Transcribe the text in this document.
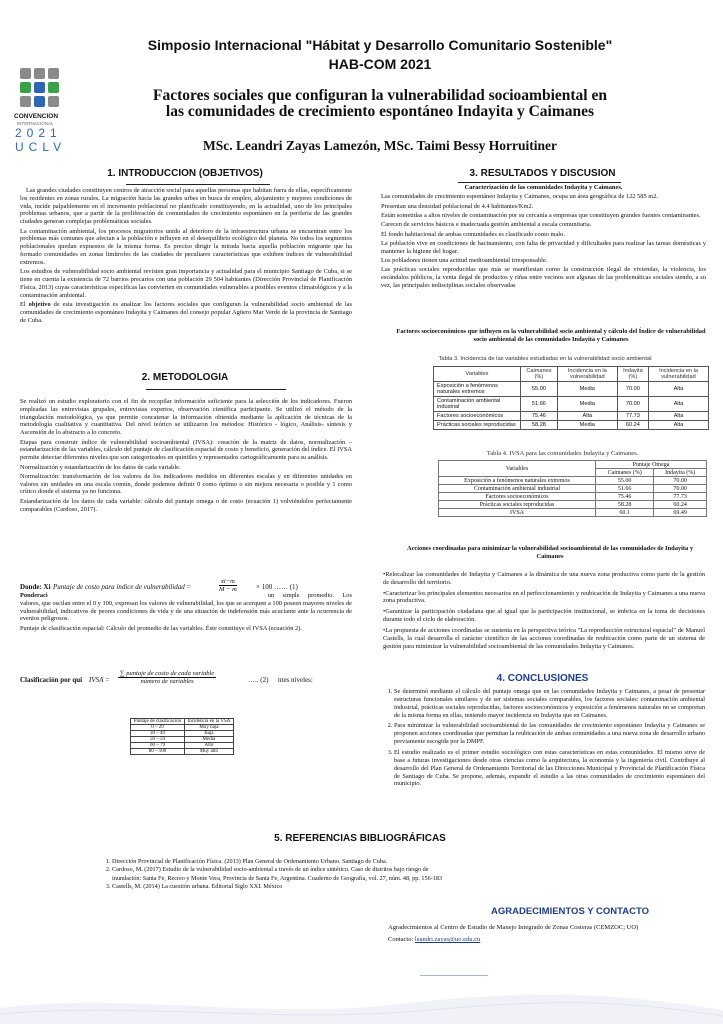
CONVENCION
INTERNACIONAL
2021
UCLV
Simposio Internacional "Hábitat y Desarrollo Comunitario Sostenible"
HAB-COM 2021
Factores sociales que configuran la vulnerabilidad socioambiental en
las comunidades de crecimiento espontáneo Indayita y Caimanes
MSc. Leandri Zayas Lamezón, MSc. Taimi Bessy Horruitiner
1. INTRODUCCION (OBJETIVOS)

Las grandes ciudades constituyen centros de atracción social para aquellas personas que habitan fuera de ellas, específicamente los residentes en zonas rurales. La migración hacia las grandes urbes en busca de empleo, alojamiento y mejores condiciones de vida, incide palpablemente en el incremento poblacional no planificado constituyendo, en la actualidad, uno de los principales problemas urbanos, que a partir de la proliferación de comunidades de crecimiento espontáneo en la periferia de las grandes ciudades generan complejas problemáticas sociales.

La contaminación ambiental, los procesos migratorios unido al deterioro de la infraestructura urbana se encuentran entre los problemas más comunes que afectan a la población e influyen en el desequilibrio ecológico del planeta. No todos los segmentos poblacionales quedan expuestos de la misma forma. Es preciso dirigir la mirada hacia aquella población migrante que ha formado comunidades en zonas limítrofes de las ciudades de peculiares características que exhiben índices de vulnerabilidad extremos.

Los estudios de vulnerabilidad socio ambiental revisten gran importancia y actualidad para el municipio Santiago de Cuba, si se tiene en cuenta la existencia de 72 barrios precarios con una población 29 504 habitantes (Dirección Provincial de Planificación Física, 2013) cuyas características específicas las convierten en comunidades vulnerables a posibles eventos climatológicos y a la contaminación ambiental.

El objetivo de esta investigación es analizar los factores sociales que configuran la vulnerabilidad socio ambiental de las comunidades de crecimiento espontáneo Indayita y Caimanes del consejo popular Agüero Mar Verde de la provincia de Santiago de Cuba.

2. METODOLOGIA

Se realizó un estudio exploratorio con el fin de recopilar información suficiente para la selección de los indicadores. Fueron empleadas las entrevistas grupales, entrevistas expertos, observación científica participante. Se utilizó el método de la triangulación metodológica, ya que permite concatenar la información obtenida mediante la aplicación de técnicas de la metodología cualitativa y cuantitativa. Del nivel teórico se utilizaron los métodos: Histórico - lógico, Análisis- síntesis y Ascensión de lo abstracto a lo concreto.

Etapas para construir índice de vulnerabilidad socioambiental (IVSA): creación de la matriz de datos, normalización – estandarización de las variables, cálculo del puntaje de clasificación espacial de costo y beneficio, generación del índice. El IVSA permite detectar diferentes niveles que son categorizados en quintiles y representados cartográficamente para su análisis.

Normalización y estandarización de los datos de cada variable.

Normalización: transformación de los valores de los indicadores medidos en diferentes escalas y en diferentes unidades en valores sin unidades en una escala común, donde podemos definir 0 como óptimo o sin mejora necesaria o posible y 1 como crítico donde el sistema ya no funciona.

Estandarización de los datos de cada variable: cálculo del puntaje omega o de costo (ecuación 1) volviéndolos perfectamente comparables (Cardoso, 2017).

Donde: Xi Puntaje de costo para índice de vulnerabilidad =	$\frac{xi-m}{M - m}$	× 100 …… (1)

Ponderaci	un simple promedio. Los valores, que oscilan entre el 0 y 100, expresan los valores de vulnerabilidad, los que se acerquen a 100 poseen mayores niveles de vulnerabilidad, indicativos de peores condiciones de vida y de una situación de indefensión más acuciante ante la ocurrencia de eventos peligrosos.

Puntaje de clasificación espacial: Cálculo del promedio de las variables. Éste constituye el IVSA (ecuación 2).

Clasificación por qui IVSA =
∑ puntaje de costo de cada variable
número de variables	….. (2) ntes niveles:
Puntaje de clasificación	Incidencia en la VSA
0 – 29	Muy baja
30 – 49	Baja
50 – 59	Media
60 – 79	Alto
80 – 100	Muy alto
3. RESULTADOS Y DISCUSION

Caracterización de las comunidades Indayita y Caimanes.

Las comunidades de crecimiento espontáneo Indayita y Caimanes, ocupa un área geográfica de 122 585 m2.

Presentan una densidad poblacional de 4.4 habitantes/Km2.

Están sometidas a altos niveles de contaminación por su cercanía a empresas que constituyen grandes fuentes contaminantes.

Carecen de servicios básicos e inadecuada gestión ambiental a escala comunitaria.

El fondo habitacional de ambas comunidades es clasificado como malo.

La población vive en condiciones de hacinamiento, con falta de privacidad y dificultades para realizar las tareas domésticas y mantener la higiene del hogar.

Los pobladores tienen una actitud medioambiental irresponsable.

Las prácticas sociales reproducidas que más se manifiestan como la construcción ilegal de viviendas, la violencia, los escándalos públicos, la venta ilegal de productos y riñas entre vecinos son algunas de las problemáticas sociales siendo, a su vez, las principales indisciplinas sociales observadas

Factores socioeconómicos que influyen en la vulnerabilidad socio ambiental y cálculo del Índice de vulnerabilidad socio ambiental de las comunidades Indayita y Caimanes
Tabla 3. Incidencia de las variables estudiadas en la vulnerabilidad socio ambiental
Variables	Caimanes (%)	Incidencia en la vulnerabilidad	Indayita (%)	Incidencia en la vulnerabilidad
Exposición a fenómenos naturales extremos	55.00	Media	70.00	Alta
Contaminación ambiental industrial	51.66	Media	70.00	Alta
Factores socioeconómicos	75.46	Alta	77.73	Alta
Prácticas sociales reproducidas	58.28	Media	60.24	Alta
Tabla 4. IVSA para las comunidades Indayita y Caimanes.
Variables	Puntaje Omega	
	Caimanes (%)	Indayita (%)
Exposición a fenómenos naturales extremos	55.00	70.00
Contaminación ambiental industrial	51.66	70.00
Factores socioeconómicos	75.46	77.73
Prácticas sociales reproducidas	58.28	60.24
IVSA	60.1	69.49
Acciones coordinadas para minimizar la vulnerabilidad socioambiental de las comunidades de Indayita y Caimanes

•Relocalizar las comunidades de Indayita y Caimanes a la dinámica de una nueva zona productiva como parte de la gestión de desarrollo del territorio.

•Caracterizar los principales elementos necesarios en el perfeccionamiento y reubicación de Indayita y Caimanes a una nueva zona productiva.

•Garantizar la participación ciudadana que al igual que la participación institucional, se imbrica en la toma de decisiones durante todo el ciclo de elaboración.

•La propuesta de acciones coordinadas se sustenta en la perspectiva teórica "La reproducción estructural espacial" de Manuel Castells, la cual desarrolla el carácter científico de las acciones coordinadas de reubicación como parte de un sistema de gestión para minimizar la vulnerabilidad socioambiental de las comunidades Indayita y Caimanes.

4. CONCLUSIONES
1. Se determinó mediante el cálculo del puntaje omega que en las comunidades Indayita y Caimanes, a pesar de presentar estructuras funcionales similares y de ser sistemas sociales comparables, los factores sociales: contaminación ambiental industrial, prácticas sociales reproducidas, factores socioeconómicos y exposición a fenómenos naturales no se comportan de la misma forma en ellas, teniendo mayor incidencia en Indayita que en Caimanes.
2. Para minimizar la vulnerabilidad socioambiental de las comunidades de crecimiento espontáneo Indayita y Caimanes se proponen acciones coordinadas que permitan la reubicación de ambas comunidades a una nueva zona de desarrollo urbano previamente escogida por la DMPF.
3. El estudio realizado es el primer estudio sociológico con estas características en estas comunidades. El mismo sirve de base a futuras investigaciones desde otras ciencias como la arquitectura, la economía y la ingeniería civil. Contribuye al desarrollo del Plan General de Ordenamiento Territorial de las Direcciones Municipal y Provincial de Planificación Física de Santiago de Cuba. Se propone, además, expandir el estudio a las otras comunidades de crecimiento espontáneo del municipio.
5. REFERENCIAS BIBLIOGRÁFICAS
1. Dirección Provincial de Planificación Física. (2013) Plan General de Ordenamiento Urbano. Santiago de Cuba.
2. Cardoso, M. (2017) Estudio de la vulnerabilidad socio-ambiental a través de un índice sintético. Caso de distritos bajo riesgo de inundación: Santa Fe, Recreo y Monte Vera, Provincia de Santa Fe, Argentina. Cuaderno de Geografía, vol. 27, núm. 48, pp. 156-183
3. Castells, M. (2014) La cuestión urbana. Editorial Siglo XXI. México
AGRADECIMIENTOS Y CONTACTO
Agradecimientos al Centro de Estudio de Manejo Integrado de Zonas Costeras (CEMZOC; UO)
Contacto: leandri.zayas@uo.edu.cu
